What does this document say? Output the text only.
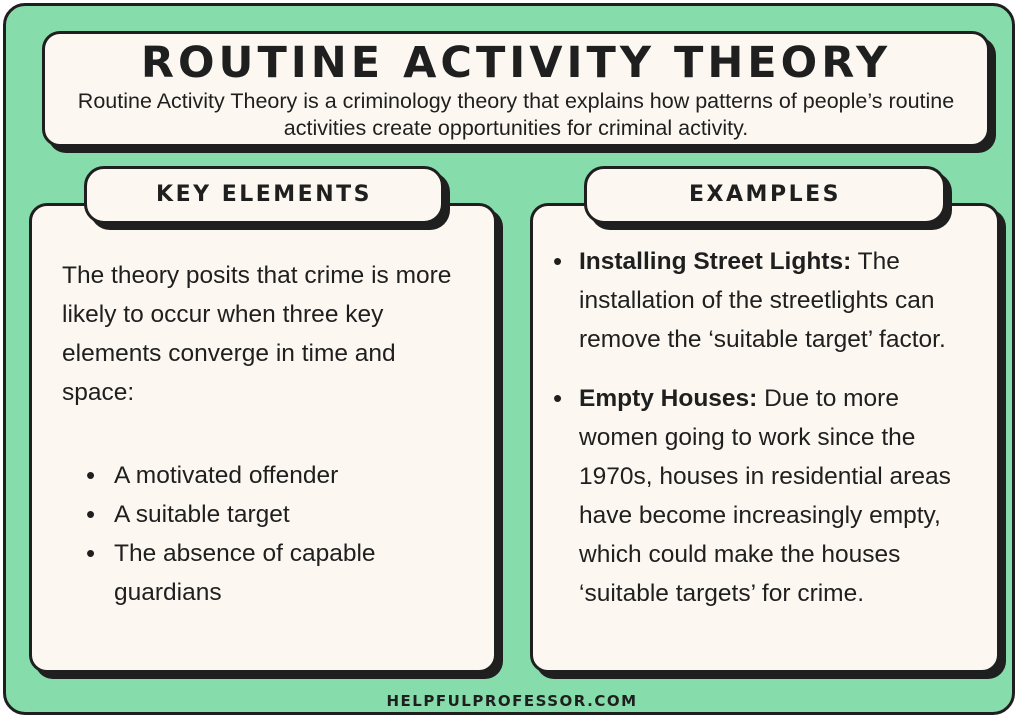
ROUTINE ACTIVITY THEORY

Routine Activity Theory is a criminology theory that explains how patterns of people’s routine activities create opportunities for criminal activity.

The theory posits that crime is more likely to occur when three key elements converge in time and space:

• A motivated offender
• A suitable target
• The absence of capable guardians
• Installing Street Lights: The installation of the streetlights can remove the ‘suitable target’ factor.
• Empty Houses: Due to more women going to work since the 1970s, houses in residential areas have become increasingly empty, which could make the houses ‘suitable targets’ for crime.
KEY ELEMENTS	EXAMPLES
HELPFULPROFESSOR.COM
